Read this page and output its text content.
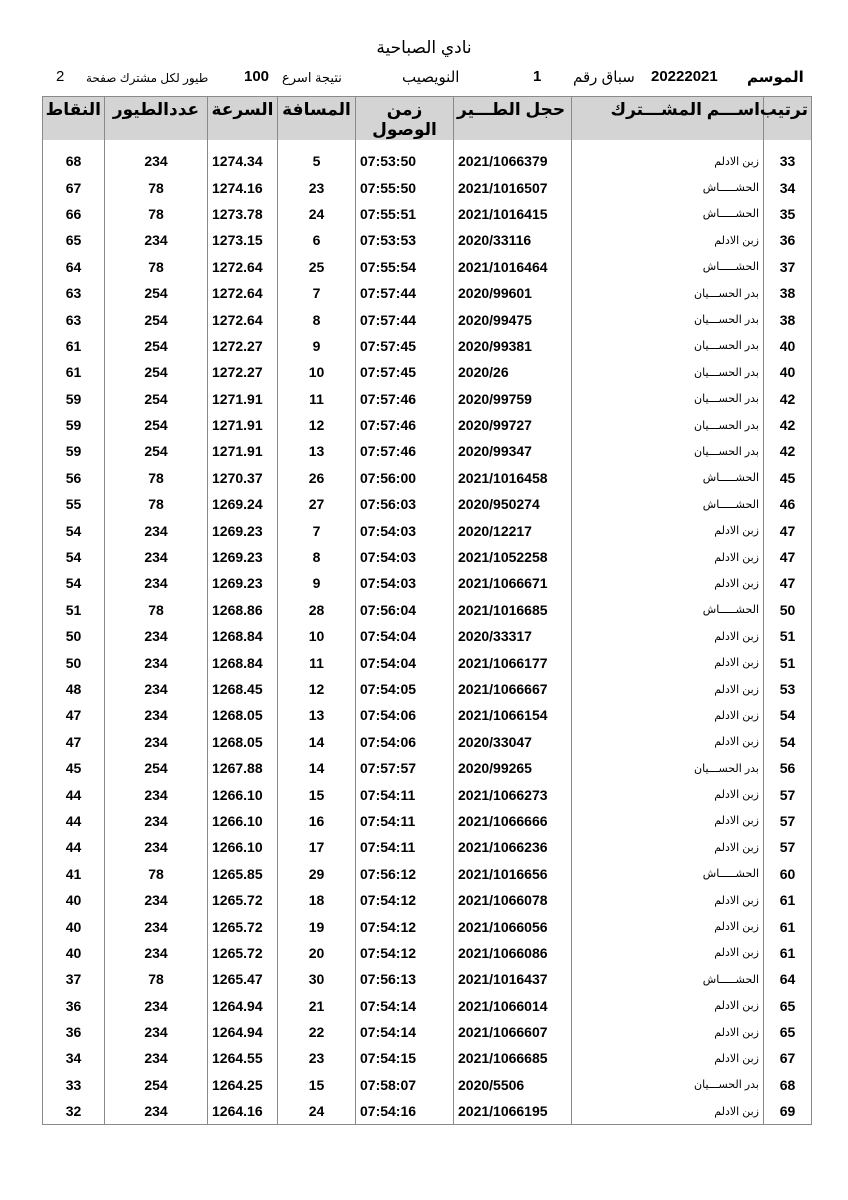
نادي الصباحية
2 طيور لكل مشترك صفحة 100 نتيجة اسرع	النويصيب	1 سباق رقم 20222021 الموسم
ترتيب	اســـم المشـــترك	حجل الطـــير	زمن الوصول	المسافة	السرعة	عددالطيور	النقاط

33	زبن الادلم	2021/1066379	07:53:50	5	1274.34	234	68
34	الحشـــــاش	2021/1016507	07:55:50	23	1274.16	78	67
35	الحشـــــاش	2021/1016415	07:55:51	24	1273.78	78	66
36	زبن الادلم	2020/33116	07:53:53	6	1273.15	234	65
37	الحشـــــاش	2021/1016464	07:55:54	25	1272.64	78	64
38	بدر الحســـيان	2020/99601	07:57:44	7	1272.64	254	63
38	بدر الحســـيان	2020/99475	07:57:44	8	1272.64	254	63
40	بدر الحســـيان	2020/99381	07:57:45	9	1272.27	254	61
40	بدر الحســـيان	2020/26	07:57:45	10	1272.27	254	61
42	بدر الحســـيان	2020/99759	07:57:46	11	1271.91	254	59
42	بدر الحســـيان	2020/99727	07:57:46	12	1271.91	254	59
42	بدر الحســـيان	2020/99347	07:57:46	13	1271.91	254	59
45	الحشـــــاش	2021/1016458	07:56:00	26	1270.37	78	56
46	الحشـــــاش	2020/950274	07:56:03	27	1269.24	78	55
47	زبن الادلم	2020/12217	07:54:03	7	1269.23	234	54
47	زبن الادلم	2021/1052258	07:54:03	8	1269.23	234	54
47	زبن الادلم	2021/1066671	07:54:03	9	1269.23	234	54
50	الحشـــــاش	2021/1016685	07:56:04	28	1268.86	78	51
51	زبن الادلم	2020/33317	07:54:04	10	1268.84	234	50
51	زبن الادلم	2021/1066177	07:54:04	11	1268.84	234	50
53	زبن الادلم	2021/1066667	07:54:05	12	1268.45	234	48
54	زبن الادلم	2021/1066154	07:54:06	13	1268.05	234	47
54	زبن الادلم	2020/33047	07:54:06	14	1268.05	234	47
56	بدر الحســـيان	2020/99265	07:57:57	14	1267.88	254	45
57	زبن الادلم	2021/1066273	07:54:11	15	1266.10	234	44
57	زبن الادلم	2021/1066666	07:54:11	16	1266.10	234	44
57	زبن الادلم	2021/1066236	07:54:11	17	1266.10	234	44
60	الحشـــــاش	2021/1016656	07:56:12	29	1265.85	78	41
61	زبن الادلم	2021/1066078	07:54:12	18	1265.72	234	40
61	زبن الادلم	2021/1066056	07:54:12	19	1265.72	234	40
61	زبن الادلم	2021/1066086	07:54:12	20	1265.72	234	40
64	الحشـــــاش	2021/1016437	07:56:13	30	1265.47	78	37
65	زبن الادلم	2021/1066014	07:54:14	21	1264.94	234	36
65	زبن الادلم	2021/1066607	07:54:14	22	1264.94	234	36
67	زبن الادلم	2021/1066685	07:54:15	23	1264.55	234	34
68	بدر الحســـيان	2020/5506	07:58:07	15	1264.25	254	33
69	زبن الادلم	2021/1066195	07:54:16	24	1264.16	234	32
